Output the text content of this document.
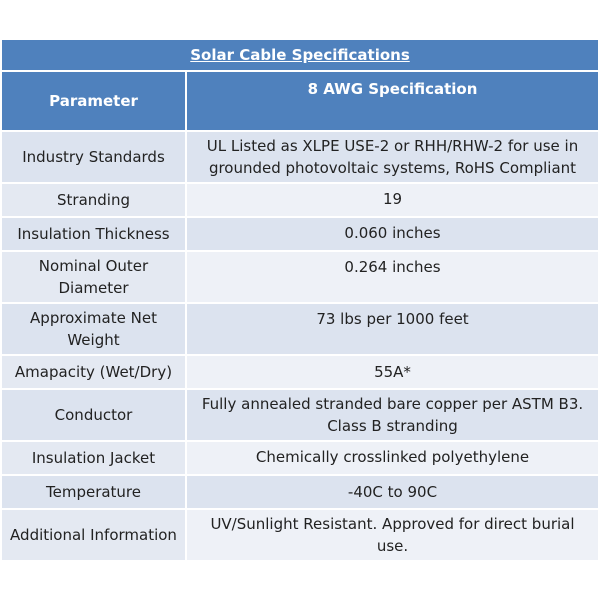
Solar Cable Specifications	
Parameter	8 AWG Specification
Industry Standards	UL Listed as XLPE USE-2 or RHH/RHW-2 for use in grounded photovoltaic systems, RoHS Compliant
Stranding	19
Insulation Thickness	0.060 inches
Nominal Outer Diameter	0.264 inches
Approximate Net Weight	73 lbs per 1000 feet
Amapacity (Wet/Dry)	55A*
Conductor	Fully annealed stranded bare copper per ASTM B3. Class B stranding
Insulation Jacket	Chemically crosslinked polyethylene
Temperature	-40C to 90C
Additional Information	UV/Sunlight Resistant. Approved for direct burial use.
